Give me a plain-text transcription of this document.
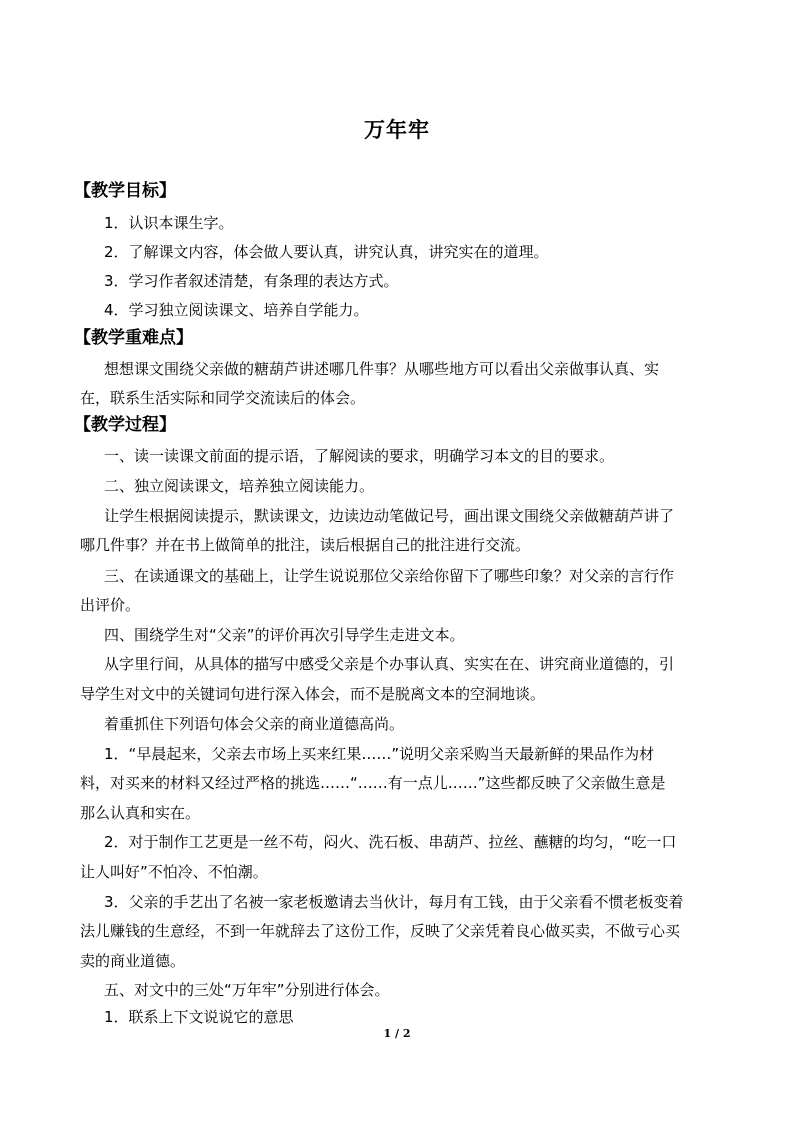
万年牢
【教学目标】
1．认识本课生字。
2．了解课文内容，体会做人要认真，讲究认真，讲究实在的道理。
3．学习作者叙述清楚，有条理的表达方式。
4．学习独立阅读课文、培养自学能力。
【教学重难点】
想想课文围绕父亲做的糖葫芦讲述哪几件事？从哪些地方可以看出父亲做事认真、实
在，联系生活实际和同学交流读后的体会。
【教学过程】
一、读一读课文前面的提示语，了解阅读的要求，明确学习本文的目的要求。
二、独立阅读课文，培养独立阅读能力。
让学生根据阅读提示，默读课文，边读边动笔做记号，画出课文围绕父亲做糖葫芦讲了
哪几件事？并在书上做简单的批注，读后根据自己的批注进行交流。
三、在读通课文的基础上，让学生说说那位父亲给你留下了哪些印象？对父亲的言行作
出评价。
四、围绕学生对“父亲”的评价再次引导学生走进文本。
从字里行间，从具体的描写中感受父亲是个办事认真、实实在在、讲究商业道德的，引
导学生对文中的关键词句进行深入体会，而不是脱离文本的空洞地谈。
着重抓住下列语句体会父亲的商业道德高尚。
1．“早晨起来，父亲去市场上买来红果……”说明父亲采购当天最新鲜的果品作为材
料，对买来的材料又经过严格的挑选……“……有一点儿……”这些都反映了父亲做生意是
那么认真和实在。
2．对于制作工艺更是一丝不苟，闷火、洗石板、串葫芦、拉丝、蘸糖的均匀，“吃一口
让人叫好”不怕冷、不怕潮。
3．父亲的手艺出了名被一家老板邀请去当伙计，每月有工钱，由于父亲看不惯老板变着
法儿赚钱的生意经，不到一年就辞去了这份工作，反映了父亲凭着良心做买卖，不做亏心买
卖的商业道德。
五、对文中的三处“万年牢”分别进行体会。
1．联系上下文说说它的意思
1 / 2
